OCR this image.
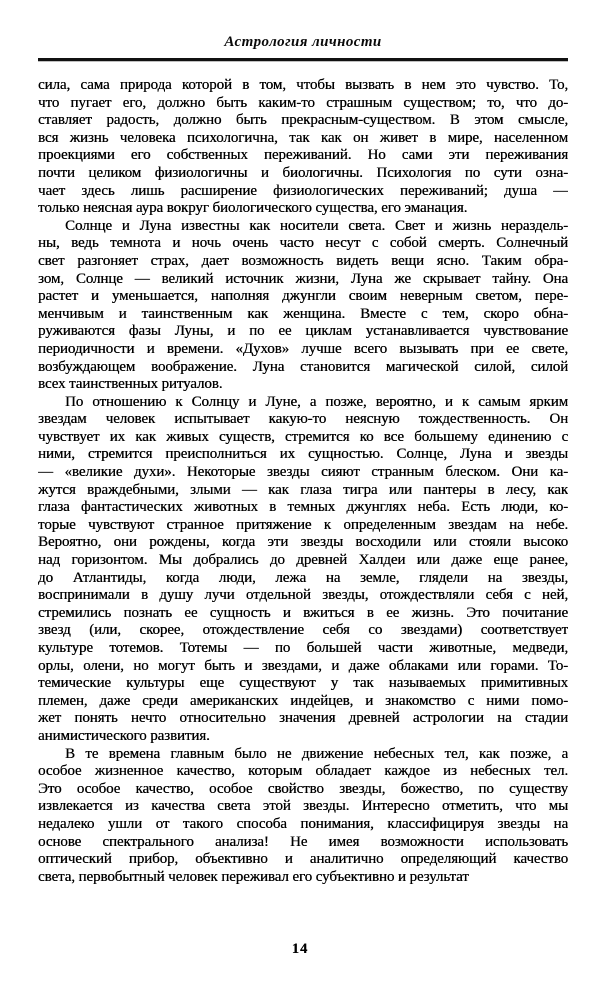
Астрология личности
сила, сама природа которой в том, чтобы вызвать в нем это чувство. То,
что пугает его, должно быть каким-то страшным существом; то, что до-
ставляет радость, должно быть прекрасным-существом. В этом смысле,
вся жизнь человека психологична, так как он живет в мире, населенном
проекциями его собственных переживаний. Но сами эти переживания
почти целиком физиологичны и биологичны. Психология по сути озна-
чает здесь лишь расширение физиологических переживаний; душа —
только неясная аура вокруг биологического существа, его эманация.
Солнце и Луна известны как носители света. Свет и жизнь нераздель-
ны, ведь темнота и ночь очень часто несут с собой смерть. Солнечный
свет разгоняет страх, дает возможность видеть вещи ясно. Таким обра-
зом, Солнце — великий источник жизни, Луна же скрывает тайну. Она
растет и уменьшается, наполняя джунгли своим неверным светом, пере-
менчивым и таинственным как женщина. Вместе с тем, скоро обна-
руживаются фазы Луны, и по ее циклам устанавливается чувствование
периодичности и времени. «Духов» лучше всего вызывать при ее свете,
возбуждающем воображение. Луна становится магической силой, силой
всех таинственных ритуалов.
По отношению к Солнцу и Луне, а позже, вероятно, и к самым ярким
звездам человек испытывает какую-то неясную тождественность. Он
чувствует их как живых существ, стремится ко все большему единению с
ними, стремится преисполниться их сущностью. Солнце, Луна и звезды
— «великие духи». Некоторые звезды сияют странным блеском. Они ка-
жутся враждебными, злыми — как глаза тигра или пантеры в лесу, как
глаза фантастических животных в темных джунглях неба. Есть люди, ко-
торые чувствуют странное притяжение к определенным звездам на небе.
Вероятно, они рождены, когда эти звезды восходили или стояли высоко
над горизонтом. Мы добрались до древней Халдеи или даже еще ранее,
до Атлантиды, когда люди, лежа на земле, глядели на звезды,
воспринимали в душу лучи отдельной звезды, отождествляли себя с ней,
стремились познать ее сущность и вжиться в ее жизнь. Это почитание
звезд (или, скорее, отождествление себя со звездами) соответствует
культуре тотемов. Тотемы — по большей части животные, медведи,
орлы, олени, но могут быть и звездами, и даже облаками или горами. То-
темические культуры еще существуют у так называемых примитивных
племен, даже среди американских индейцев, и знакомство с ними помо-
жет понять нечто относительно значения древней астрологии на стадии
анимистического развития.
В те времена главным было не движение небесных тел, как позже, а
особое жизненное качество, которым обладает каждое из небесных тел.
Это особое качество, особое свойство звезды, божество, по существу
извлекается из качества света этой звезды. Интересно отметить, что мы
недалеко ушли от такого способа понимания, классифицируя звезды на
основе спектрального анализа! Не имея возможности использовать
оптический прибор, объективно и аналитично определяющий качество
света, первобытный человек переживал его субъективно и результат
14
